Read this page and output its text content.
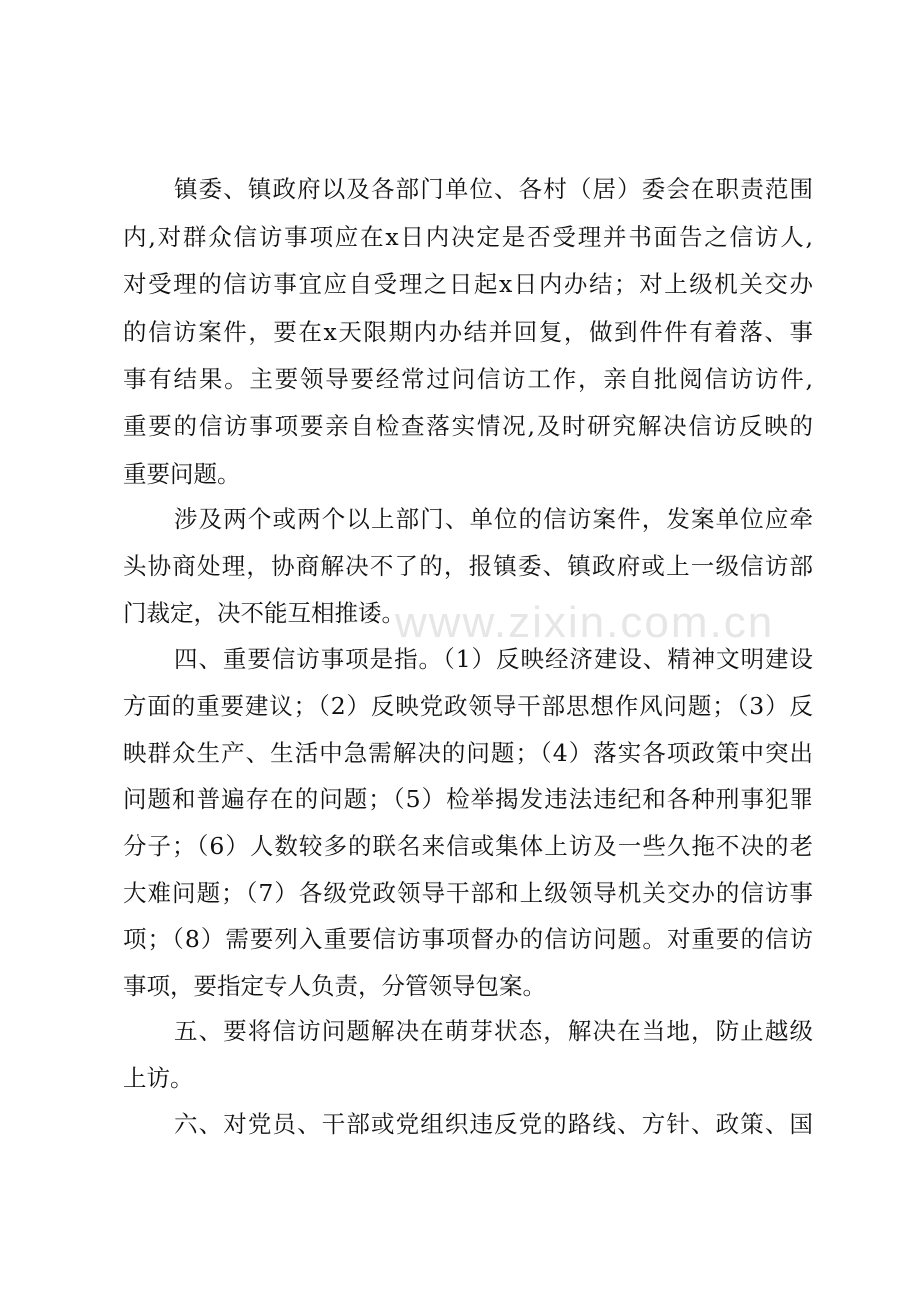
www.zixin.com.cn
镇委、镇政府以及各部门单位、各村（居）委会在职责范围
内,对群众信访事项应在x日内决定是否受理并书面告之信访人,
对受理的信访事宜应自受理之日起x日内办结；对上级机关交办
的信访案件，要在x天限期内办结并回复，做到件件有着落、事
事有结果。主要领导要经常过问信访工作，亲自批阅信访访件,
重要的信访事项要亲自检查落实情况,及时研究解决信访反映的
重要问题。
涉及两个或两个以上部门、单位的信访案件，发案单位应牵
头协商处理，协商解决不了的，报镇委、镇政府或上一级信访部
门裁定，决不能互相推诿。
四、重要信访事项是指。（1）反映经济建设、精神文明建设
方面的重要建议；（2）反映党政领导干部思想作风问题；（3）反
映群众生产、生活中急需解决的问题；（4）落实各项政策中突出
问题和普遍存在的问题；（5）检举揭发违法违纪和各种刑事犯罪
分子；（6）人数较多的联名来信或集体上访及一些久拖不决的老
大难问题；（7）各级党政领导干部和上级领导机关交办的信访事
项；（8）需要列入重要信访事项督办的信访问题。对重要的信访
事项，要指定专人负责，分管领导包案。
五、要将信访问题解决在萌芽状态，解决在当地，防止越级
上访。
六、对党员、干部或党组织违反党的路线、方针、政策、国
